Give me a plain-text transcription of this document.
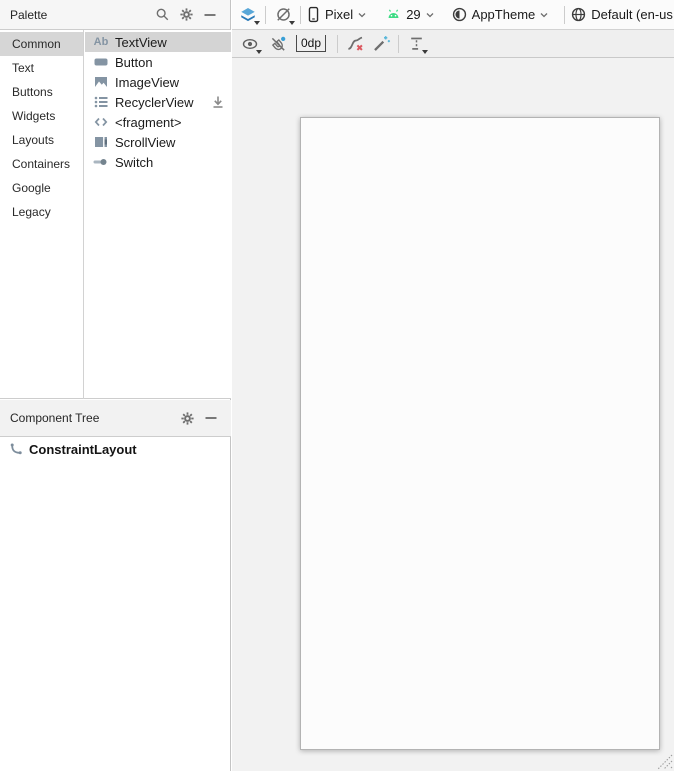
Palette
Common
Text
Buttons
Widgets
Layouts
Containers
Google
Legacy
Ab TextView
Button
ImageView
RecyclerView
<fragment>
ScrollView
Switch
Component Tree
ConstraintLayout
Pixel	29	AppTheme	Default (en-us
0dp
